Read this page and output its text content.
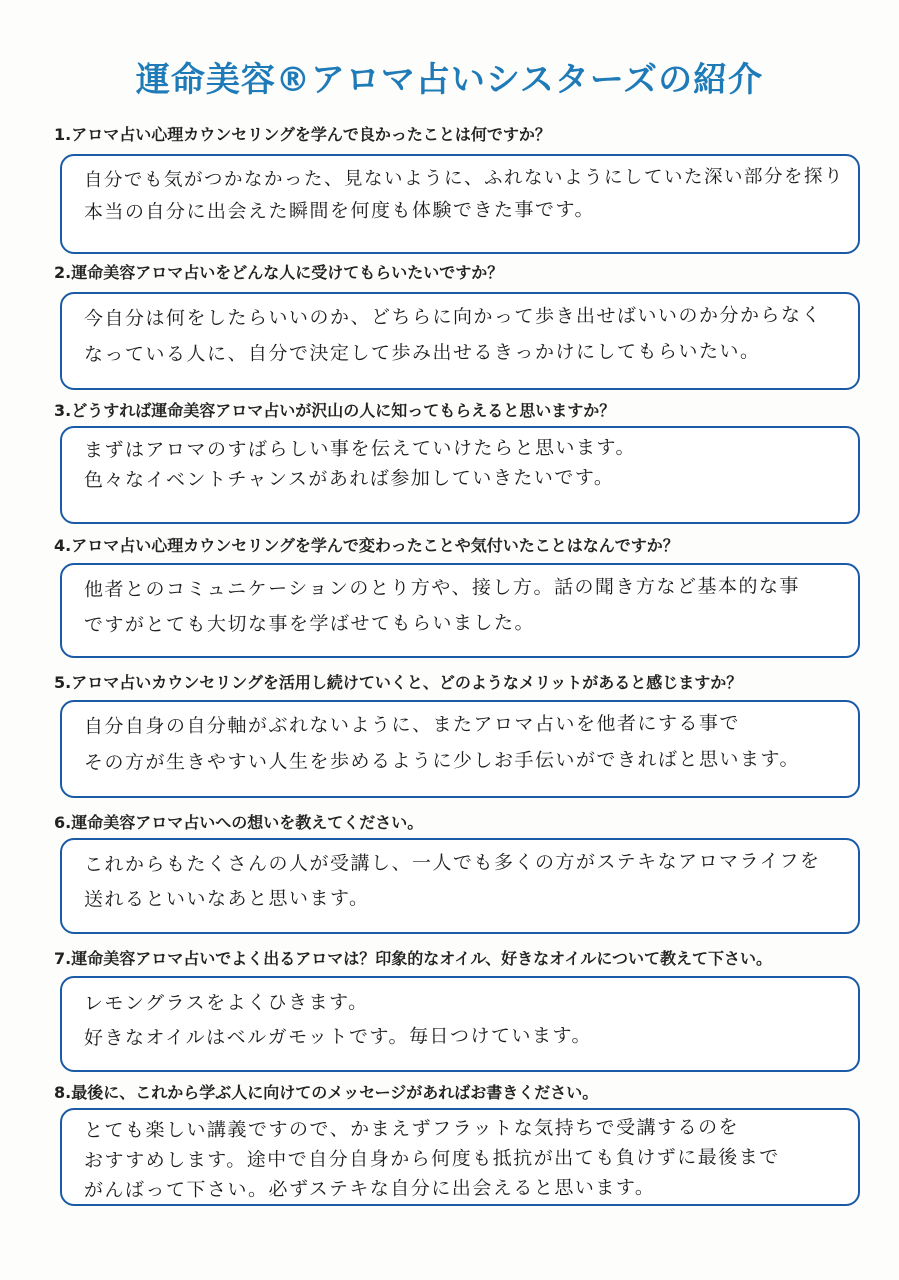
運命美容®アロマ占いシスターズの紹介
1.アロマ占い心理カウンセリングを学んで良かったことは何ですか？
自分でも気がつかなかった、見ないように、ふれないようにしていた深い部分を探り
本当の自分に出会えた瞬間を何度も体験できた事です。
2.運命美容アロマ占いをどんな人に受けてもらいたいですか？
今自分は何をしたらいいのか、どちらに向かって歩き出せばいいのか分からなく
なっている人に、自分で決定して歩み出せるきっかけにしてもらいたい。
3.どうすれば運命美容アロマ占いが沢山の人に知ってもらえると思いますか？
まずはアロマのすばらしい事を伝えていけたらと思います。
色々なイベントチャンスがあれば参加していきたいです。
4.アロマ占い心理カウンセリングを学んで変わったことや気付いたことはなんですか？
他者とのコミュニケーションのとり方や、接し方。話の聞き方など基本的な事
ですがとても大切な事を学ばせてもらいました。
5.アロマ占いカウンセリングを活用し続けていくと、どのようなメリットがあると感じますか？
自分自身の自分軸がぶれないように、またアロマ占いを他者にする事で
その方が生きやすい人生を歩めるように少しお手伝いができればと思います。
6.運命美容アロマ占いへの想いを教えてください。
これからもたくさんの人が受講し、一人でも多くの方がステキなアロマライフを
送れるといいなあと思います。
7.運命美容アロマ占いでよく出るアロマは？印象的なオイル、好きなオイルについて教えて下さい。
レモングラスをよくひきます。
好きなオイルはベルガモットです。毎日つけています。
8.最後に、これから学ぶ人に向けてのメッセージがあればお書きください。
とても楽しい講義ですので、かまえずフラットな気持ちで受講するのを
おすすめします。途中で自分自身から何度も抵抗が出ても負けずに最後まで
がんばって下さい。必ずステキな自分に出会えると思います。
